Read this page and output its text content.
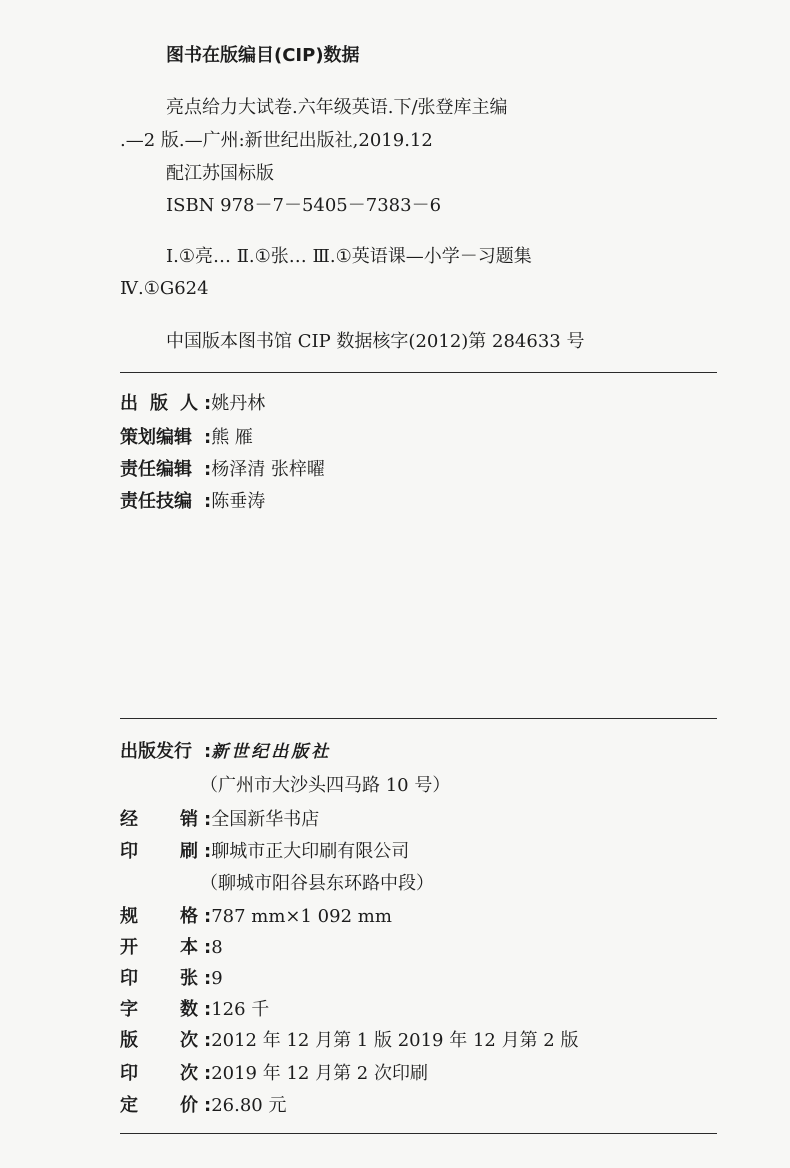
图书在版编目(CIP)数据
亮点给力大试卷.六年级英语.下/张登库主编
.—2 版.—广州:新世纪出版社,2019.12
配江苏国标版
ISBN 978－7－5405－7383－6
Ⅰ.①亮… Ⅱ.①张… Ⅲ.①英语课—小学－习题集
Ⅳ.①G624
中国版本图书馆 CIP 数据核字(2012)第 284633 号
出 版 人 :姚丹林
策划编辑 :熊 雁
责任编辑 :杨泽清 张梓曜
责任技编 :陈垂涛
出版发行 :新世纪出版社
（广州市大沙头四马路 10 号）
经 销 :全国新华书店
印 刷 :聊城市正大印刷有限公司
（聊城市阳谷县东环路中段）
规 格 :787 mm×1 092 mm
开 本 :8
印 张 :9
字 数 :126 千
版 次 :2012 年 12 月第 1 版 2019 年 12 月第 2 版
印 次 :2019 年 12 月第 2 次印刷
定 价 :26.80 元
